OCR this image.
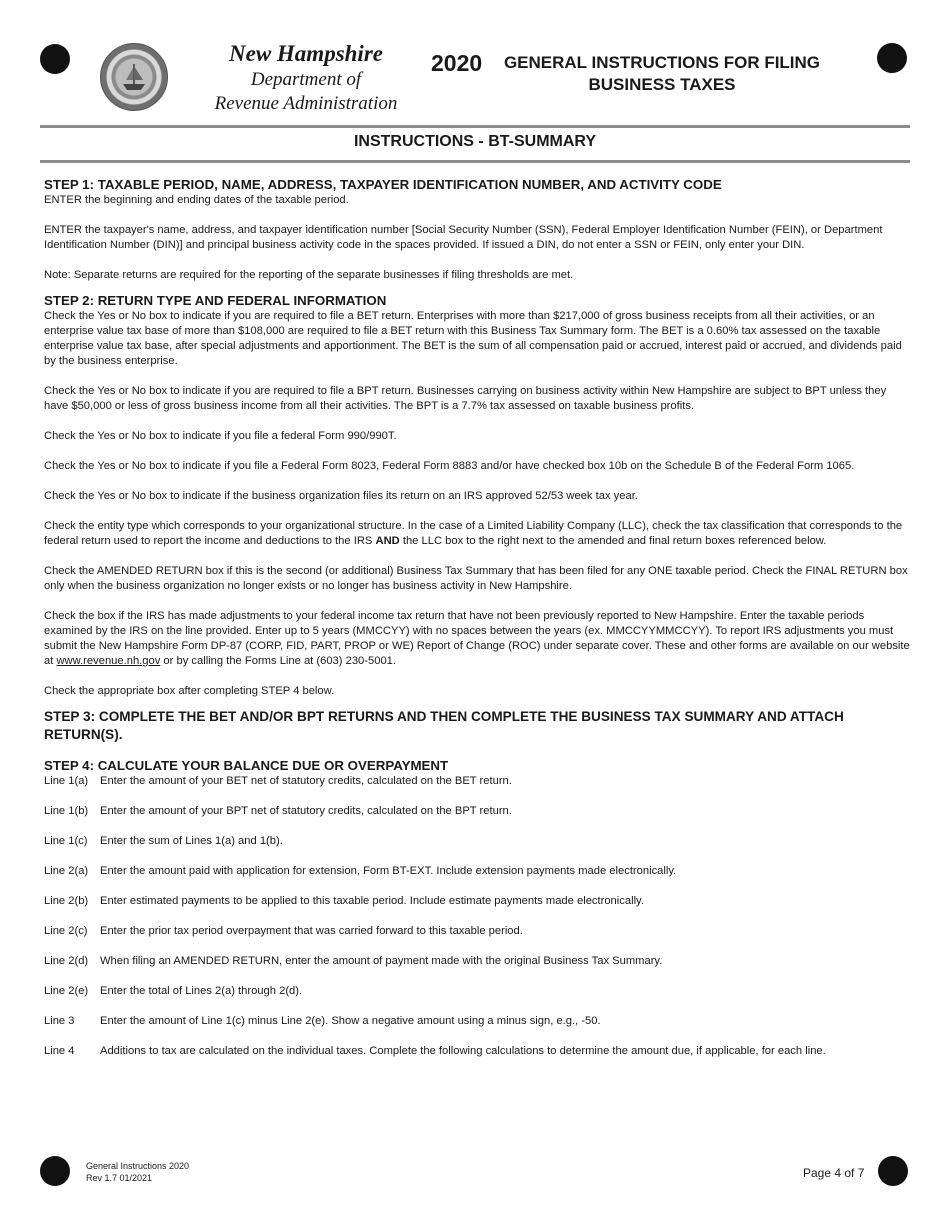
New Hampshire
Department of
Revenue Administration
2020 GENERAL INSTRUCTIONS FOR FILING
BUSINESS TAXES
INSTRUCTIONS - BT-SUMMARY
STEP 1: TAXABLE PERIOD, NAME, ADDRESS, TAXPAYER IDENTIFICATION NUMBER, AND ACTIVITY CODE

ENTER the beginning and ending dates of the taxable period.

ENTER the taxpayer's name, address, and taxpayer identification number [Social Security Number (SSN), Federal Employer Identification Number (FEIN), or Department Identification Number (DIN)] and principal business activity code in the spaces provided. If issued a DIN, do not enter a SSN or FEIN, only enter your DIN.

Note: Separate returns are required for the reporting of the separate businesses if filing thresholds are met.

STEP 2: RETURN TYPE AND FEDERAL INFORMATION

Check the Yes or No box to indicate if you are required to file a BET return. Enterprises with more than $217,000 of gross business receipts from all their activities, or an enterprise value tax base of more than $108,000 are required to file a BET return with this Business Tax Summary form. The BET is a 0.60% tax assessed on the taxable enterprise value tax base, after special adjustments and apportionment. The BET is the sum of all compensation paid or accrued, interest paid or accrued, and dividends paid by the business enterprise.

Check the Yes or No box to indicate if you are required to file a BPT return. Businesses carrying on business activity within New Hampshire are subject to BPT unless they have $50,000 or less of gross business income from all their activities. The BPT is a 7.7% tax assessed on taxable business profits.

Check the Yes or No box to indicate if you file a federal Form 990/990T.

Check the Yes or No box to indicate if you file a Federal Form 8023, Federal Form 8883 and/or have checked box 10b on the Schedule B of the Federal Form 1065.

Check the Yes or No box to indicate if the business organization files its return on an IRS approved 52/53 week tax year.

Check the entity type which corresponds to your organizational structure. In the case of a Limited Liability Company (LLC), check the tax classification that corresponds to the federal return used to report the income and deductions to the IRS AND the LLC box to the right next to the amended and final return boxes referenced below.

Check the AMENDED RETURN box if this is the second (or additional) Business Tax Summary that has been filed for any ONE taxable period. Check the FINAL RETURN box only when the business organization no longer exists or no longer has business activity in New Hampshire.

Check the box if the IRS has made adjustments to your federal income tax return that have not been previously reported to New Hampshire. Enter the taxable periods examined by the IRS on the line provided. Enter up to 5 years (MMCCYY) with no spaces between the years (ex. MMCCYYMMCCYY). To report IRS adjustments you must submit the New Hampshire Form DP-87 (CORP, FID, PART, PROP or WE) Report of Change (ROC) under separate cover. These and other forms are available on our website at www.revenue.nh.gov or by calling the Forms Line at (603) 230-5001.

Check the appropriate box after completing STEP 4 below.

STEP 3: COMPLETE THE BET AND/OR BPT RETURNS AND THEN COMPLETE THE BUSINESS TAX SUMMARY AND ATTACH RETURN(S).
STEP 4: CALCULATE YOUR BALANCE DUE OR OVERPAYMENT
Line 1(a)	Enter the amount of your BET net of statutory credits, calculated on the BET return.
Line 1(b)	Enter the amount of your BPT net of statutory credits, calculated on the BPT return.
Line 1(c)	Enter the sum of Lines 1(a) and 1(b).
Line 2(a)	Enter the amount paid with application for extension, Form BT-EXT. Include extension payments made electronically.
Line 2(b)	Enter estimated payments to be applied to this taxable period. Include estimate payments made electronically.
Line 2(c)	Enter the prior tax period overpayment that was carried forward to this taxable period.
Line 2(d)	When filing an AMENDED RETURN, enter the amount of payment made with the original Business Tax Summary.
Line 2(e)	Enter the total of Lines 2(a) through 2(d).
Line 3	Enter the amount of Line 1(c) minus Line 2(e). Show a negative amount using a minus sign, e.g., -50.
Line 4	Additions to tax are calculated on the individual taxes. Complete the following calculations to determine the amount due, if applicable, for each line.
General Instructions 2020
Rev 1.7 01/2021	Page 4 of 7
